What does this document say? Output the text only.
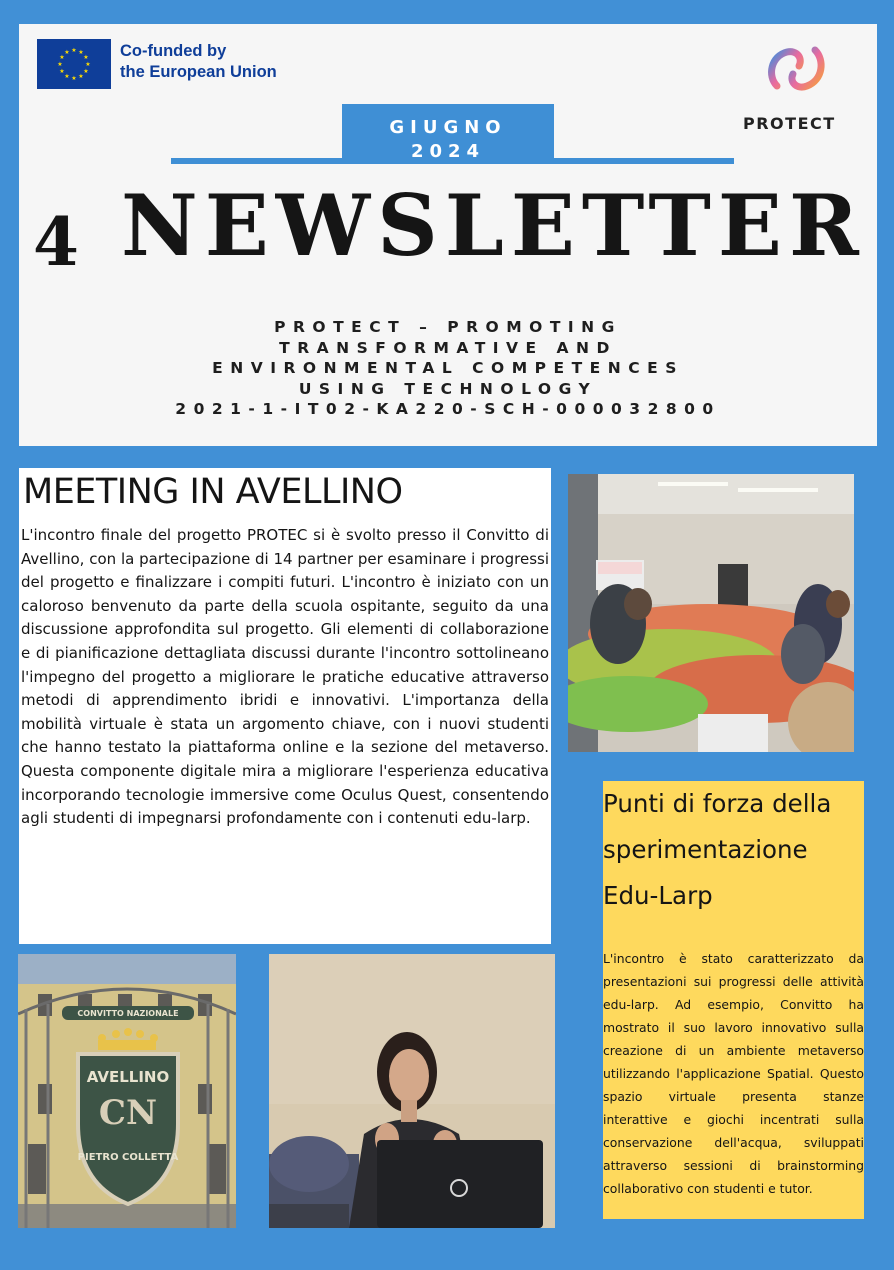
★ ★
★
★
★
★
★
★
★
★
★
★	Co-funded by
the European Union
PROTECT
GIUGNO
2024
4 NEWSLETTER
PROTECT – PROMOTING
TRANSFORMATIVE AND
ENVIRONMENTAL COMPETENCES
USING TECHNOLOGY
2021-1-IT02-KA220-SCH-000032800
MEETING IN AVELLINO
L'incontro finale del progetto PROTEC si è svolto presso il Convitto di Avellino, con la partecipazione di 14 partner per esaminare i progressi del progetto e finalizzare i compiti futuri. L'incontro è iniziato con un caloroso benvenuto da parte della scuola ospitante, seguito da una discussione approfondita sul progetto. Gli elementi di collaborazione e di pianificazione dettagliata discussi durante l'incontro sottolineano l'impegno del progetto a migliorare le pratiche educative attraverso metodi di apprendimento ibridi e innovativi. L'importanza della mobilità virtuale è stata un argomento chiave, con i nuovi studenti che hanno testato la piattaforma online e la sezione del metaverso. Questa componente digitale mira a migliorare l'esperienza educativa incorporando tecnologie immersive come Oculus Quest, consentendo agli studenti di impegnarsi profondamente con i contenuti edu-larp.
Punti di forza della
sperimentazione
Edu-Larp
L'incontro è stato caratterizzato da presentazioni sui progressi delle attività edu-larp. Ad esempio, Convitto ha mostrato il suo lavoro innovativo sulla creazione di un ambiente metaverso utilizzando l'applicazione Spatial. Questo spazio virtuale presenta stanze interattive e giochi incentrati sulla conservazione dell'acqua, sviluppati attraverso sessioni di brainstorming collaborativo con studenti e tutor.
CONVITTO NAZIONALE
AVELLINO
CN
PIETRO COLLETTA
